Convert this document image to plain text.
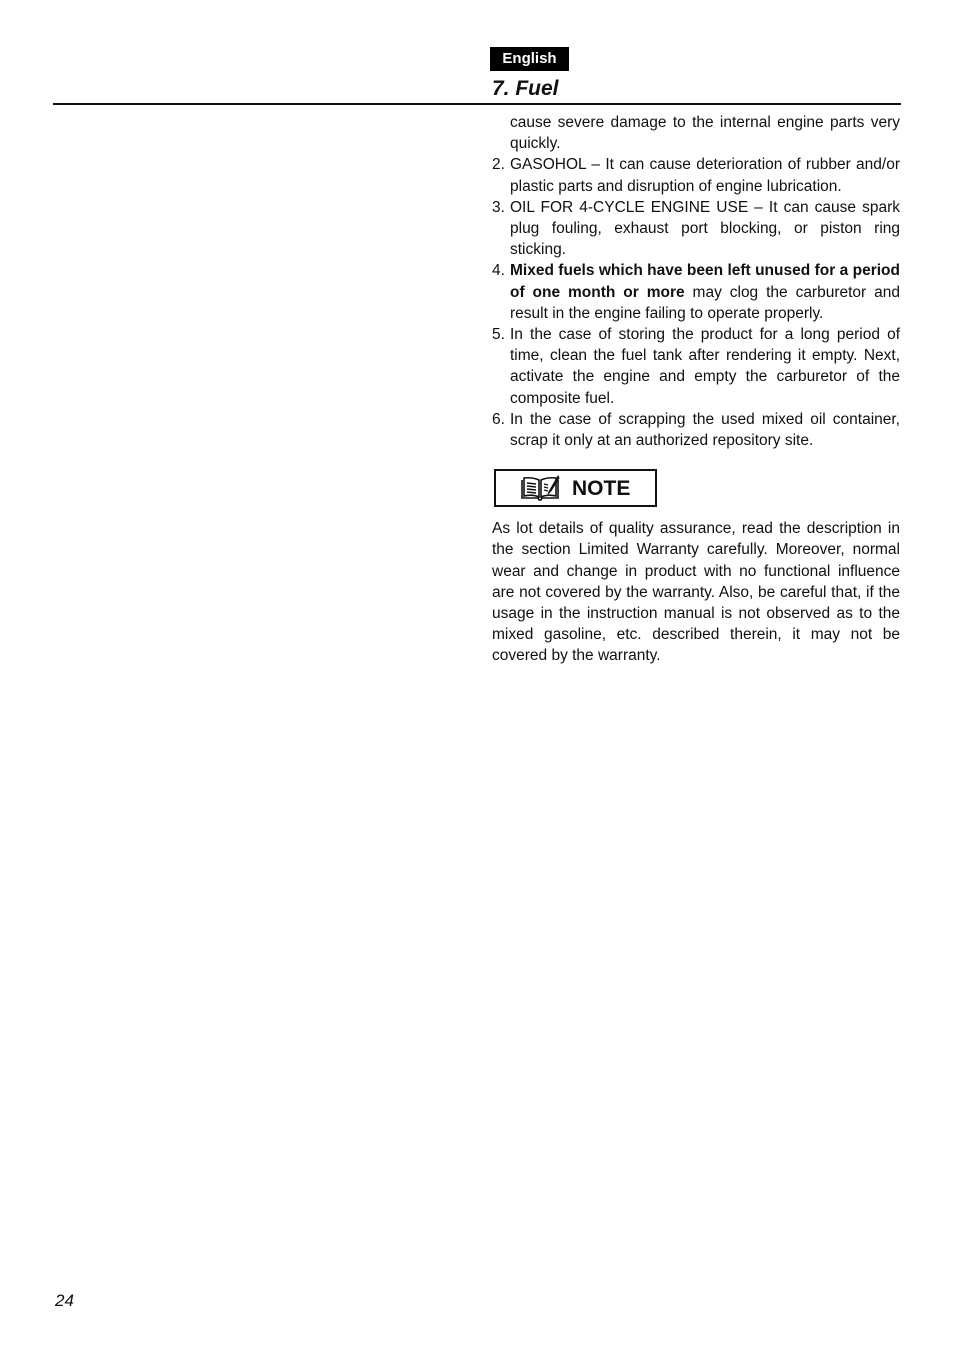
English
7. Fuel

cause severe damage to the internal engine parts very quickly.

2. GASOHOL – It can cause deterioration of rubber and/or plastic parts and disruption of engine lubrication.
3. OIL FOR 4-CYCLE ENGINE USE – It can cause spark plug fouling, exhaust port blocking, or piston ring sticking.
4. Mixed fuels which have been left unused for a period of one month or more may clog the carburetor and result in the engine failing to operate properly.
5. In the case of storing the product for a long period of time, clean the fuel tank after rendering it empty. Next, activate the engine and empty the carburetor of the composite fuel.
6. In the case of scrapping the used mixed oil container, scrap it only at an authorized repository site.
NOTE

As lot details of quality assurance, read the description in the section Limited Warranty carefully. Moreover, normal wear and change in product with no functional influence are not covered by the warranty. Also, be careful that, if the usage in the instruction manual is not observed as to the mixed gasoline, etc. described therein, it may not be covered by the warranty.

24
